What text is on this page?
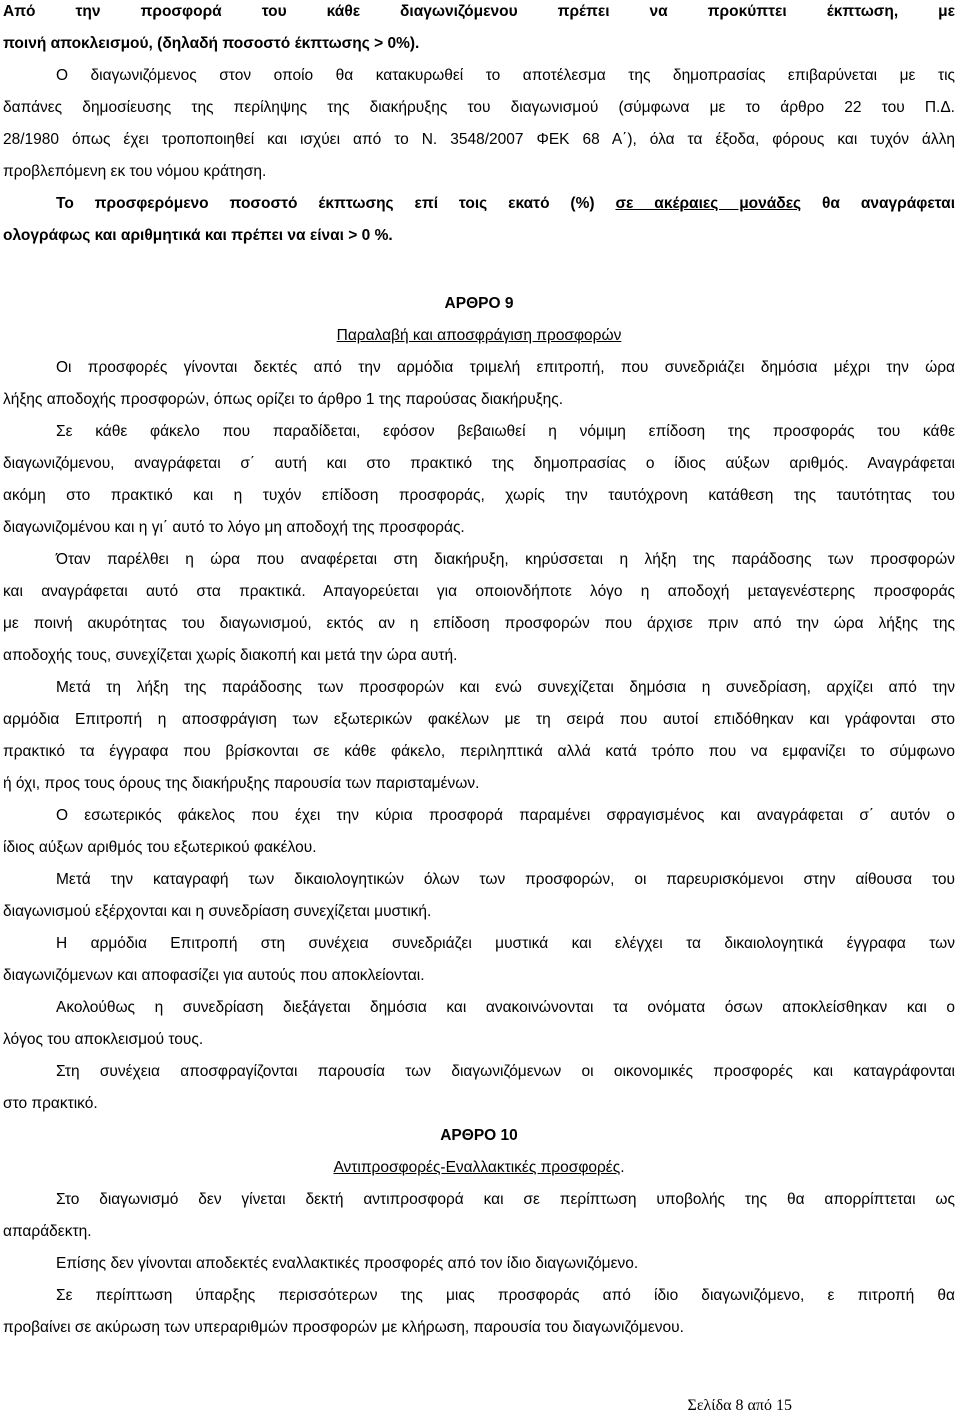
Από την προσφορά του κάθε διαγωνιζόμενου πρέπει να προκύπτει έκπτωση, με
ποινή αποκλεισμού, (δηλαδή ποσοστό έκπτωσης > 0%).
Ο διαγωνιζόμενος στον οποίο θα κατακυρωθεί το αποτέλεσμα της δημοπρασίας επιβαρύνεται με τις
δαπάνες δημοσίευσης της περίληψης της διακήρυξης του διαγωνισμού (σύμφωνα με το άρθρο 22 του Π.Δ.
28/1980 όπως έχει τροποποιηθεί και ισχύει από το Ν. 3548/2007 ΦΕΚ 68 Α΄), όλα τα έξοδα, φόρους και τυχόν άλλη
προβλεπόμενη εκ του νόμου κράτηση.
Το προσφερόμενο ποσοστό έκπτωσης επί τοις εκατό (%) σε ακέραιες μονάδες θα αναγράφεται
ολογράφως και αριθμητικά και πρέπει να είναι > 0 %.
ΑΡΘΡΟ 9
Παραλαβή και αποσφράγιση προσφορών
Οι προσφορές γίνονται δεκτές από την αρμόδια τριμελή επιτροπή, που συνεδριάζει δημόσια μέχρι την ώρα
λήξης αποδοχής προσφορών, όπως ορίζει το άρθρο 1 της παρούσας διακήρυξης.
Σε κάθε φάκελο που παραδίδεται, εφόσον βεβαιωθεί η νόμιμη επίδοση της προσφοράς του κάθε
διαγωνιζόμενου, αναγράφεται σ΄ αυτή και στο πρακτικό της δημοπρασίας ο ίδιος αύξων αριθμός. Αναγράφεται
ακόμη στο πρακτικό και η τυχόν επίδοση προσφοράς, χωρίς την ταυτόχρονη κατάθεση της ταυτότητας του
διαγωνιζομένου και η γι΄ αυτό το λόγο μη αποδοχή της προσφοράς.
Όταν παρέλθει η ώρα που αναφέρεται στη διακήρυξη, κηρύσσεται η λήξη της παράδοσης των προσφορών
και αναγράφεται αυτό στα πρακτικά. Απαγορεύεται για οποιονδήποτε λόγο η αποδοχή μεταγενέστερης προσφοράς
με ποινή ακυρότητας του διαγωνισμού, εκτός αν η επίδοση προσφορών που άρχισε πριν από την ώρα λήξης της
αποδοχής τους, συνεχίζεται χωρίς διακοπή και μετά την ώρα αυτή.
Μετά τη λήξη της παράδοσης των προσφορών και ενώ συνεχίζεται δημόσια η συνεδρίαση, αρχίζει από την
αρμόδια Επιτροπή η αποσφράγιση των εξωτερικών φακέλων με τη σειρά που αυτοί επιδόθηκαν και γράφονται στο
πρακτικό τα έγγραφα που βρίσκονται σε κάθε φάκελο, περιληπτικά αλλά κατά τρόπο που να εμφανίζει το σύμφωνο
ή όχι, προς τους όρους της διακήρυξης παρουσία των παρισταμένων.
Ο εσωτερικός φάκελος που έχει την κύρια προσφορά παραμένει σφραγισμένος και αναγράφεται σ΄ αυτόν ο
ίδιος αύξων αριθμός του εξωτερικού φακέλου.
Μετά την καταγραφή των δικαιολογητικών όλων των προσφορών, οι παρευρισκόμενοι στην αίθουσα του
διαγωνισμού εξέρχονται και η συνεδρίαση συνεχίζεται μυστική.
Η αρμόδια Επιτροπή στη συνέχεια συνεδριάζει μυστικά και ελέγχει τα δικαιολογητικά έγγραφα των
διαγωνιζόμενων και αποφασίζει για αυτούς που αποκλείονται.
Ακολούθως η συνεδρίαση διεξάγεται δημόσια και ανακοινώνονται τα ονόματα όσων αποκλείσθηκαν και ο
λόγος του αποκλεισμού τους.
Στη συνέχεια αποσφραγίζονται παρουσία των διαγωνιζόμενων οι οικονομικές προσφορές και καταγράφονται
στο πρακτικό.
ΑΡΘΡΟ 10
Αντιπροσφορές-Εναλλακτικές προσφορές.
Στο διαγωνισμό δεν γίνεται δεκτή αντιπροσφορά και σε περίπτωση υποβολής της θα απορρίπτεται ως
απαράδεκτη.
Επίσης δεν γίνονται αποδεκτές εναλλακτικές προσφορές από τον ίδιο διαγωνιζόμενο.
Σε περίπτωση ύπαρξης περισσότερων της μιας προσφοράς από ίδιο διαγωνιζόμενο, ε πιτροπή θα
προβαίνει σε ακύρωση των υπεραριθμών προσφορών με κλήρωση, παρουσία του διαγωνιζόμενου.
Σελίδα 8 από 15
